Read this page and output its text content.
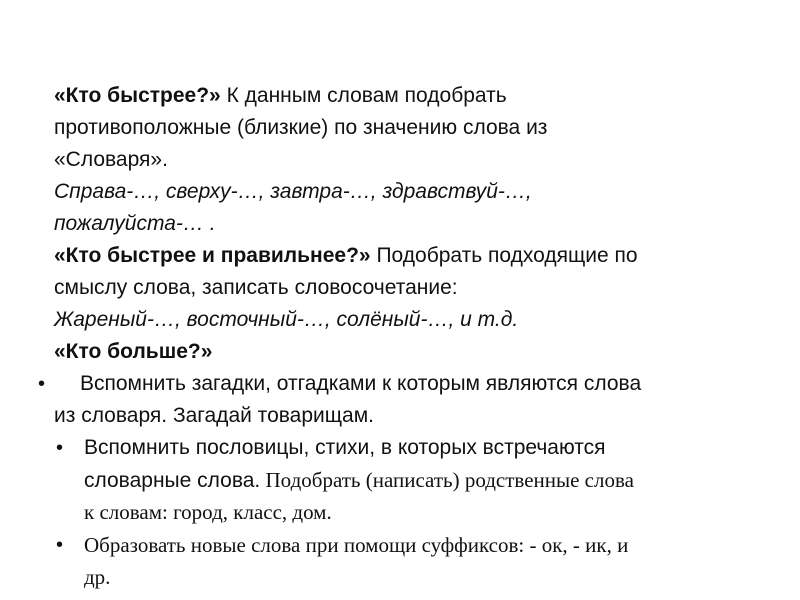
«Кто быстрее?» К данным словам подобрать
противоположные (близкие) по значению слова из
«Словаря».
Справа-…, сверху-…, завтра-…, здравствуй-…,
пожалуйста-… .
«Кто быстрее и правильнее?» Подобрать подходящие по
смыслу слова, записать словосочетание:
Жареный-…, восточный-…, солёный-…, и т.д.
«Кто больше?»
• Вспомнить загадки, отгадками к которым являются слова
из словаря. Загадай товарищам.
• Вспомнить пословицы, стихи, в которых встречаются
словарные слова. Подобрать (написать) родственные слова
к словам: город, класс, дом.
• Образовать новые слова при помощи суффиксов: - ок, - ик, и
др.
